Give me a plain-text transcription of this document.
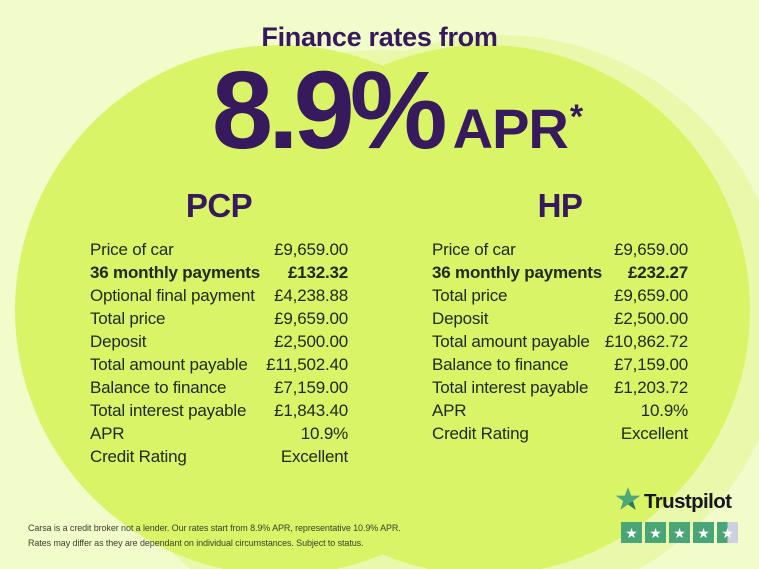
Finance rates from
8.9% APR *
PCP
Price of car	£9,659.00
36 monthly payments £132.32
Optional final payment £4,238.88
Total price	£9,659.00
Deposit	£2,500.00
Total amount payable £11,502.40
Balance to finance	£7,159.00
Total interest payable £1,843.40
APR	10.9%
Credit Rating	Excellent
HP
Price of car	£9,659.00
36 monthly payments £232.27
Total price	£9,659.00
Deposit	£2,500.00
Total amount payable £10,862.72
Balance to finance	£7,159.00
Total interest payable £1,203.72
APR	10.9%
Credit Rating	Excellent
Carsa is a credit broker not a lender. Our rates start from 8.9% APR, representative 10.9% APR.
Rates may differ as they are dependant on individual circumstances. Subject to status.
Trustpilot
★ ★ ★ ★ ★
